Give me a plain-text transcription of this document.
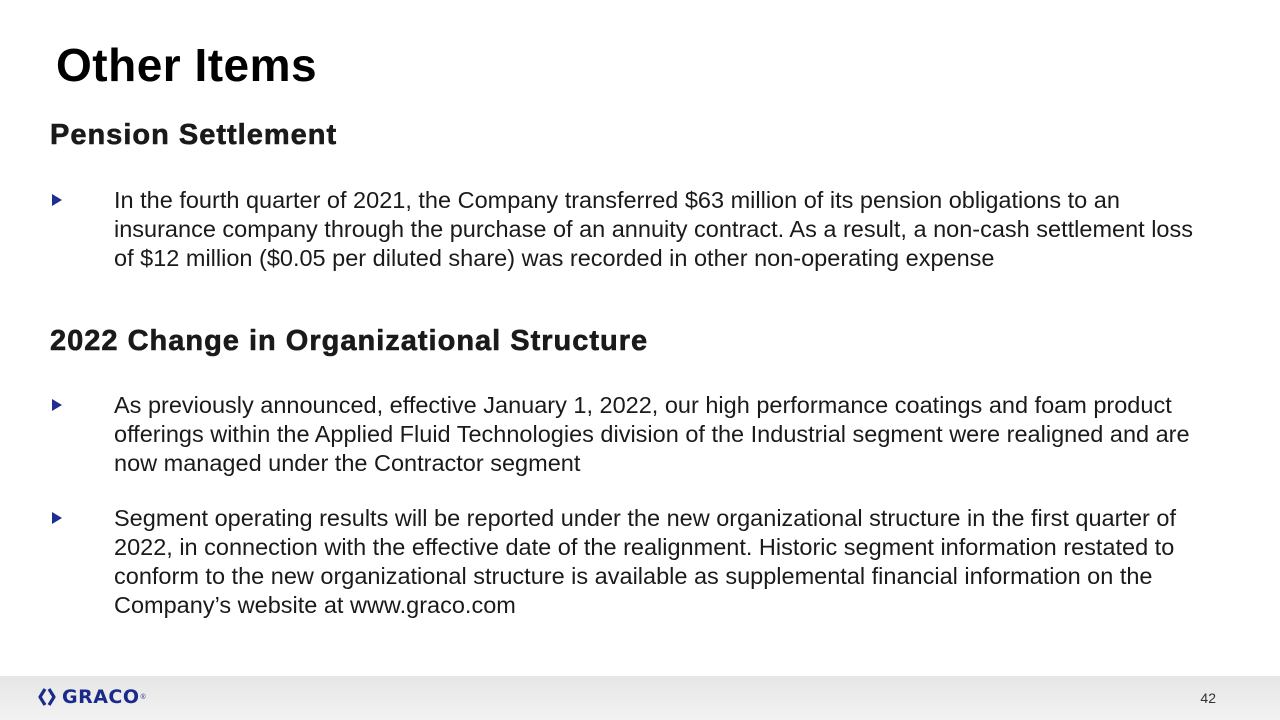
Other Items
Pension Settlement
In the fourth quarter of 2021, the Company transferred $63 million of its pension obligations to an insurance company through the purchase of an annuity contract. As a result, a non-cash settlement loss of $12 million ($0.05 per diluted share) was recorded in other non-operating expense
2022 Change in Organizational Structure
As previously announced, effective January 1, 2022, our high performance coatings and foam product offerings within the Applied Fluid Technologies division of the Industrial segment were realigned and are now managed under the Contractor segment
Segment operating results will be reported under the new organizational structure in the first quarter of 2022, in connection with the effective date of the realignment. Historic segment information restated to conform to the new organizational structure is available as supplemental financial information on the Company’s website at www.graco.com
GRACO ®	42
